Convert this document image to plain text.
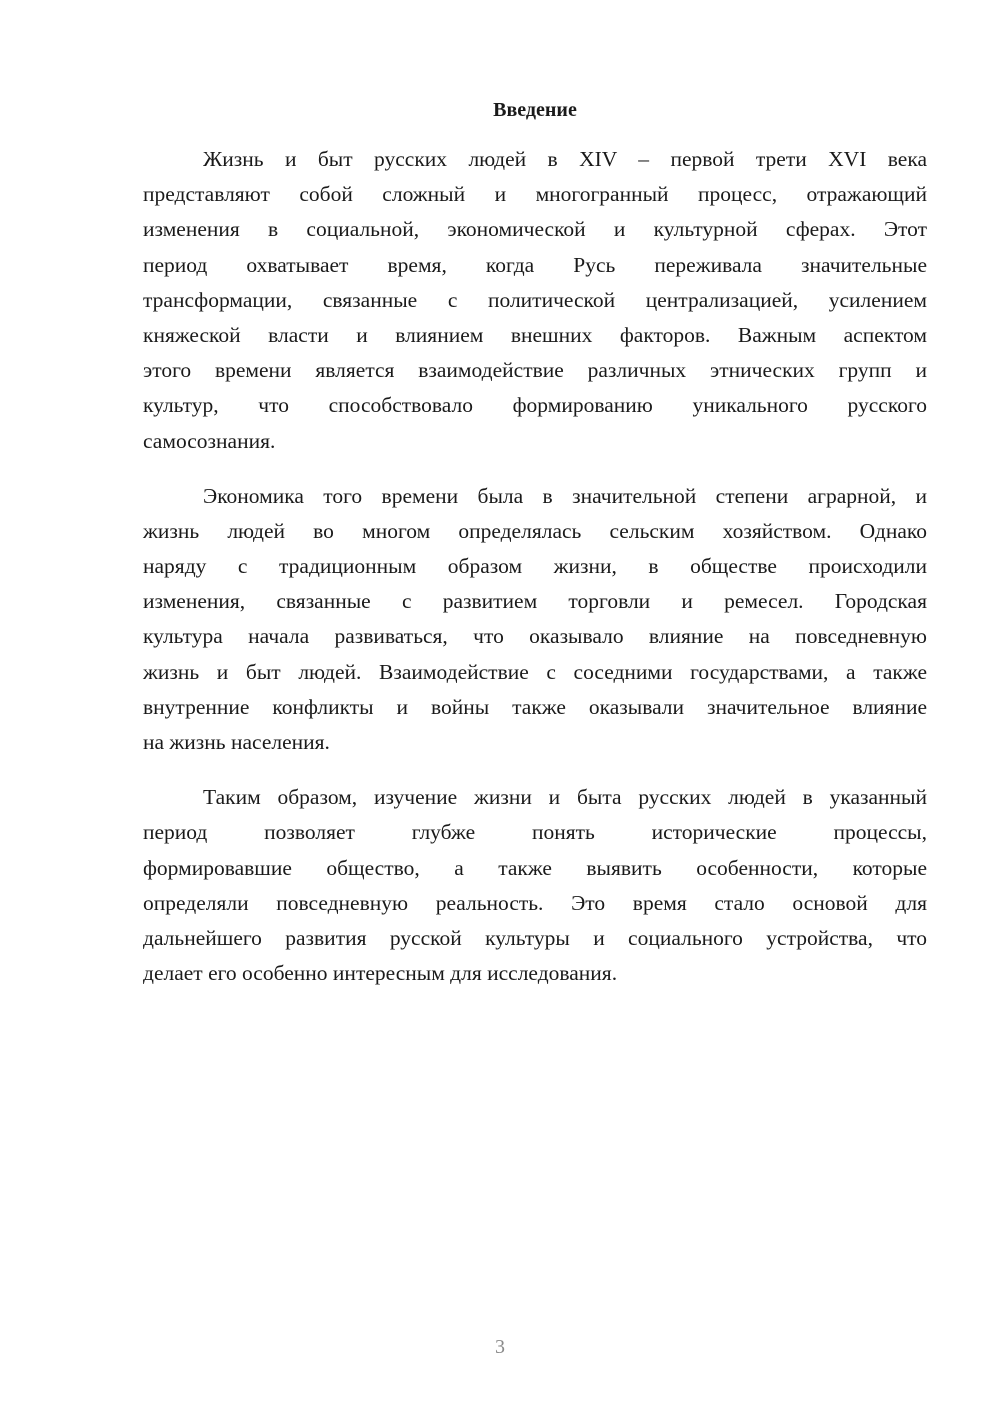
Введение
Жизнь и быт русских людей в XIV – первой трети XVI века
представляют собой сложный и многогранный процесс, отражающий
изменения в социальной, экономической и культурной сферах. Этот
период охватывает время, когда Русь переживала значительные
трансформации, связанные с политической централизацией, усилением
княжеской власти и влиянием внешних факторов. Важным аспектом
этого времени является взаимодействие различных этнических групп и
культур, что способствовало формированию уникального русского
самосознания.
Экономика того времени была в значительной степени аграрной, и
жизнь людей во многом определялась сельским хозяйством. Однако
наряду с традиционным образом жизни, в обществе происходили
изменения, связанные с развитием торговли и ремесел. Городская
культура начала развиваться, что оказывало влияние на повседневную
жизнь и быт людей. Взаимодействие с соседними государствами, а также
внутренние конфликты и войны также оказывали значительное влияние
на жизнь населения.
Таким образом, изучение жизни и быта русских людей в указанный
период позволяет глубже понять исторические процессы,
формировавшие общество, а также выявить особенности, которые
определяли повседневную реальность. Это время стало основой для
дальнейшего развития русской культуры и социального устройства, что
делает его особенно интересным для исследования.
3
